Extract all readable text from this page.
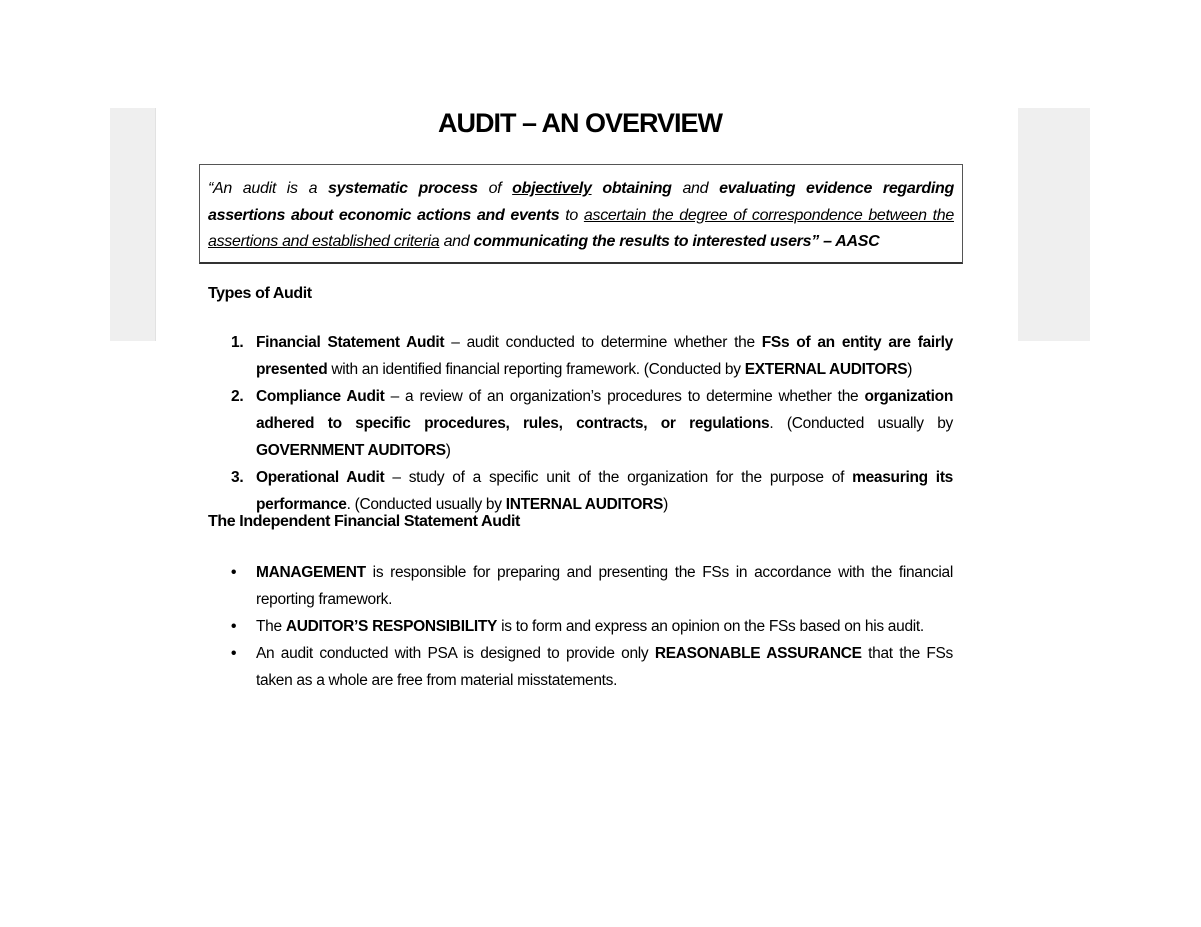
AUDIT – AN OVERVIEW
“An audit is a systematic process of objectively obtaining and evaluating evidence regarding assertions about economic actions and events to ascertain the degree of correspondence between the assertions and established criteria and communicating the results to interested users” – AASC
Types of Audit
1. Financial Statement Audit – audit conducted to determine whether the FSs of an entity are fairly presented with an identified financial reporting framework. (Conducted by EXTERNAL AUDITORS)
2. Compliance Audit – a review of an organization’s procedures to determine whether the organization adhered to specific procedures, rules, contracts, or regulations. (Conducted usually by GOVERNMENT AUDITORS)
3. Operational Audit – study of a specific unit of the organization for the purpose of measuring its performance. (Conducted usually by INTERNAL AUDITORS)
The Independent Financial Statement Audit
• MANAGEMENT is responsible for preparing and presenting the FSs in accordance with the financial reporting framework.
• The AUDITOR’S RESPONSIBILITY is to form and express an opinion on the FSs based on his audit.
• An audit conducted with PSA is designed to provide only REASONABLE ASSURANCE that the FSs taken as a whole are free from material misstatements.
